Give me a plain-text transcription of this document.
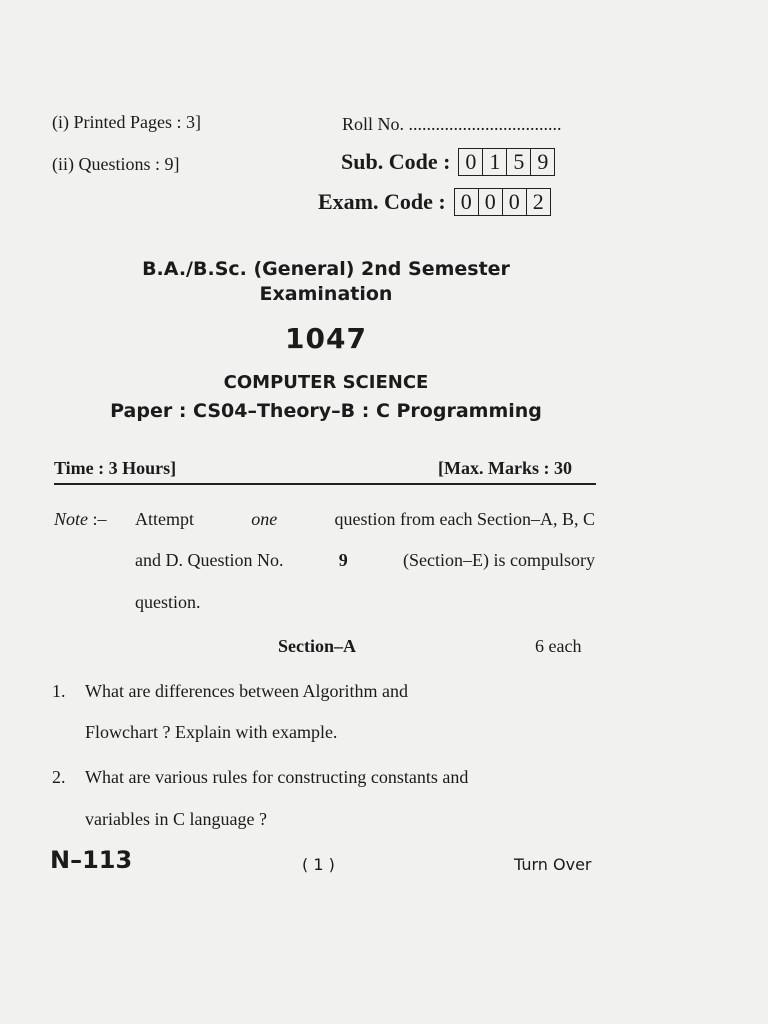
(i) Printed Pages : 3]
(ii) Questions : 9]
Roll No. ..................................
Sub. Code : 0 1 5 9
Exam. Code : 0 0 0 2
B.A./B.Sc. (General) 2nd Semester
Examination
1047
COMPUTER SCIENCE
Paper : CS04–Theory–B : C Programming
Time : 3 Hours]	[Max. Marks : 30
Note :– Attempt	one	question from each Section–A, B, C
and D. Question No.	9	(Section–E) is compulsory
question.
Section–A	6 each
1. What are differences between Algorithm and
Flowchart ? Explain with example.
2. What are various rules for constructing constants and
variables in C language ?
N–113	( 1 )	Turn Over
